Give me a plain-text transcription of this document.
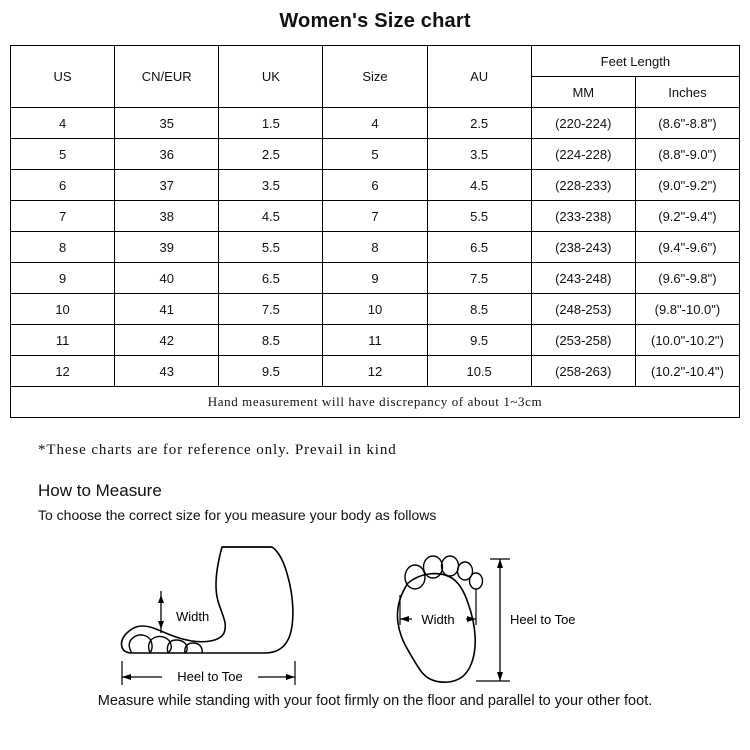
Women's Size chart
US	CN/EUR	UK	Size	AU	Feet Length	
					MM	Inches
4	35	1.5	4	2.5	(220-224)	(8.6"-8.8")
5	36	2.5	5	3.5	(224-228)	(8.8"-9.0")
6	37	3.5	6	4.5	(228-233)	(9.0"-9.2")
7	38	4.5	7	5.5	(233-238)	(9.2"-9.4")
8	39	5.5	8	6.5	(238-243)	(9.4"-9.6")
9	40	6.5	9	7.5	(243-248)	(9.6"-9.8")
10	41	7.5	10	8.5	(248-253)	(9.8"-10.0")
11	42	8.5	11	9.5	(253-258)	(10.0"-10.2")
12	43	9.5	12	10.5	(258-263)	(10.2"-10.4")
Hand measurement will have discrepancy of about 1~3cm						
*These charts are for reference only. Prevail in kind
How to Measure
To choose the correct size for you measure your body as follows
Width
Heel to Toe
Width	Heel to Toe
Measure while standing with your foot firmly on the floor and parallel to your other foot.
